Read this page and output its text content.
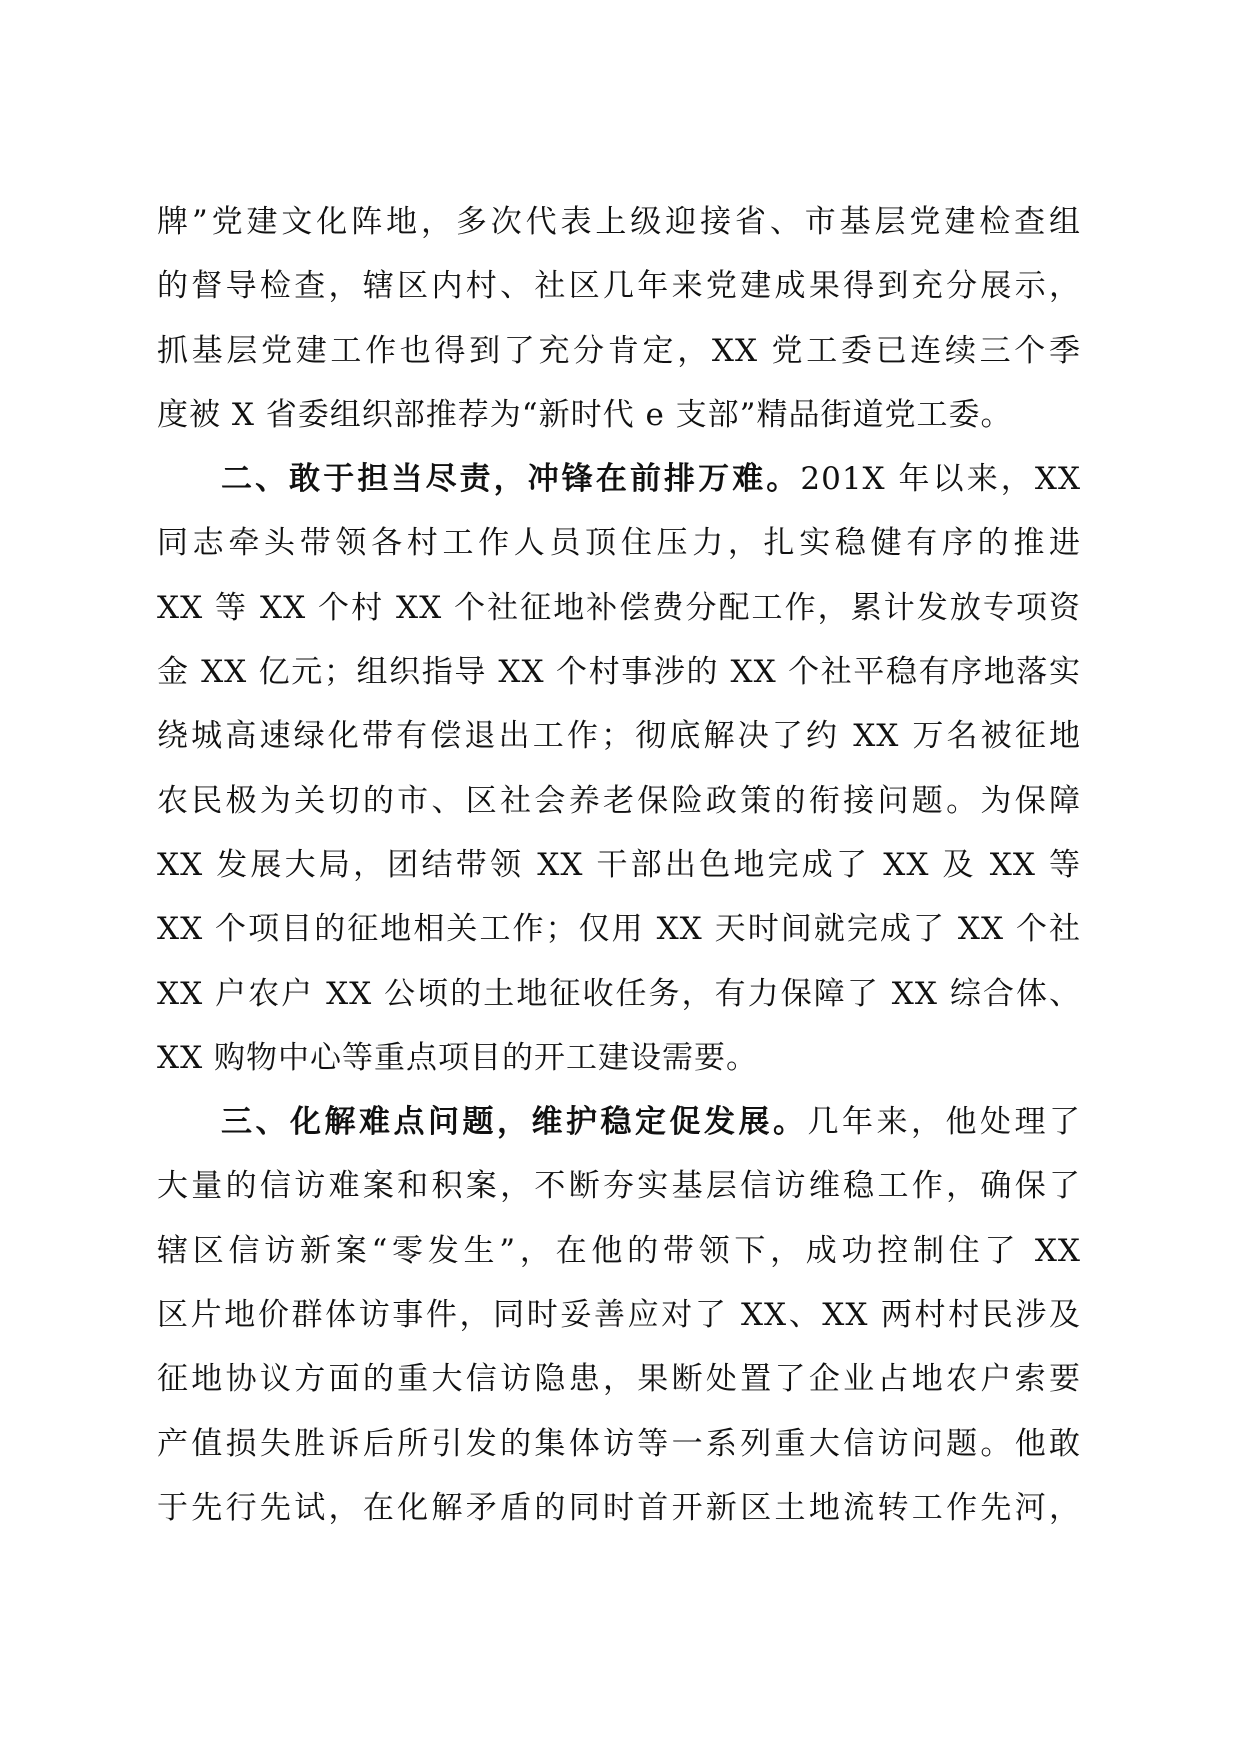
牌”党建文化阵地，多次代表上级迎接省、市基层党建检查组
的督导检查，辖区内村、社区几年来党建成果得到充分展示，
抓基层党建工作也得到了充分肯定，XX 党工委已连续三个季
度被 X 省委组织部推荐为“新时代 e 支部”精品街道党工委。
二、敢于担当尽责，冲锋在前排万难。201X 年以来，XX
同志牵头带领各村工作人员顶住压力，扎实稳健有序的推进
XX 等 XX 个村 XX 个社征地补偿费分配工作，累计发放专项资
金 XX 亿元；组织指导 XX 个村事涉的 XX 个社平稳有序地落实
绕城高速绿化带有偿退出工作；彻底解决了约 XX 万名被征地
农民极为关切的市、区社会养老保险政策的衔接问题。为保障
XX 发展大局，团结带领 XX 干部出色地完成了 XX 及 XX 等
XX 个项目的征地相关工作；仅用 XX 天时间就完成了 XX 个社
XX 户农户 XX 公顷的土地征收任务，有力保障了 XX 综合体、
XX 购物中心等重点项目的开工建设需要。
三、化解难点问题，维护稳定促发展。几年来，他处理了
大量的信访难案和积案，不断夯实基层信访维稳工作，确保了
辖区信访新案“零发生”，在他的带领下，成功控制住了 XX
区片地价群体访事件，同时妥善应对了 XX、XX 两村村民涉及
征地协议方面的重大信访隐患，果断处置了企业占地农户索要
产值损失胜诉后所引发的集体访等一系列重大信访问题。他敢
于先行先试，在化解矛盾的同时首开新区土地流转工作先河，
